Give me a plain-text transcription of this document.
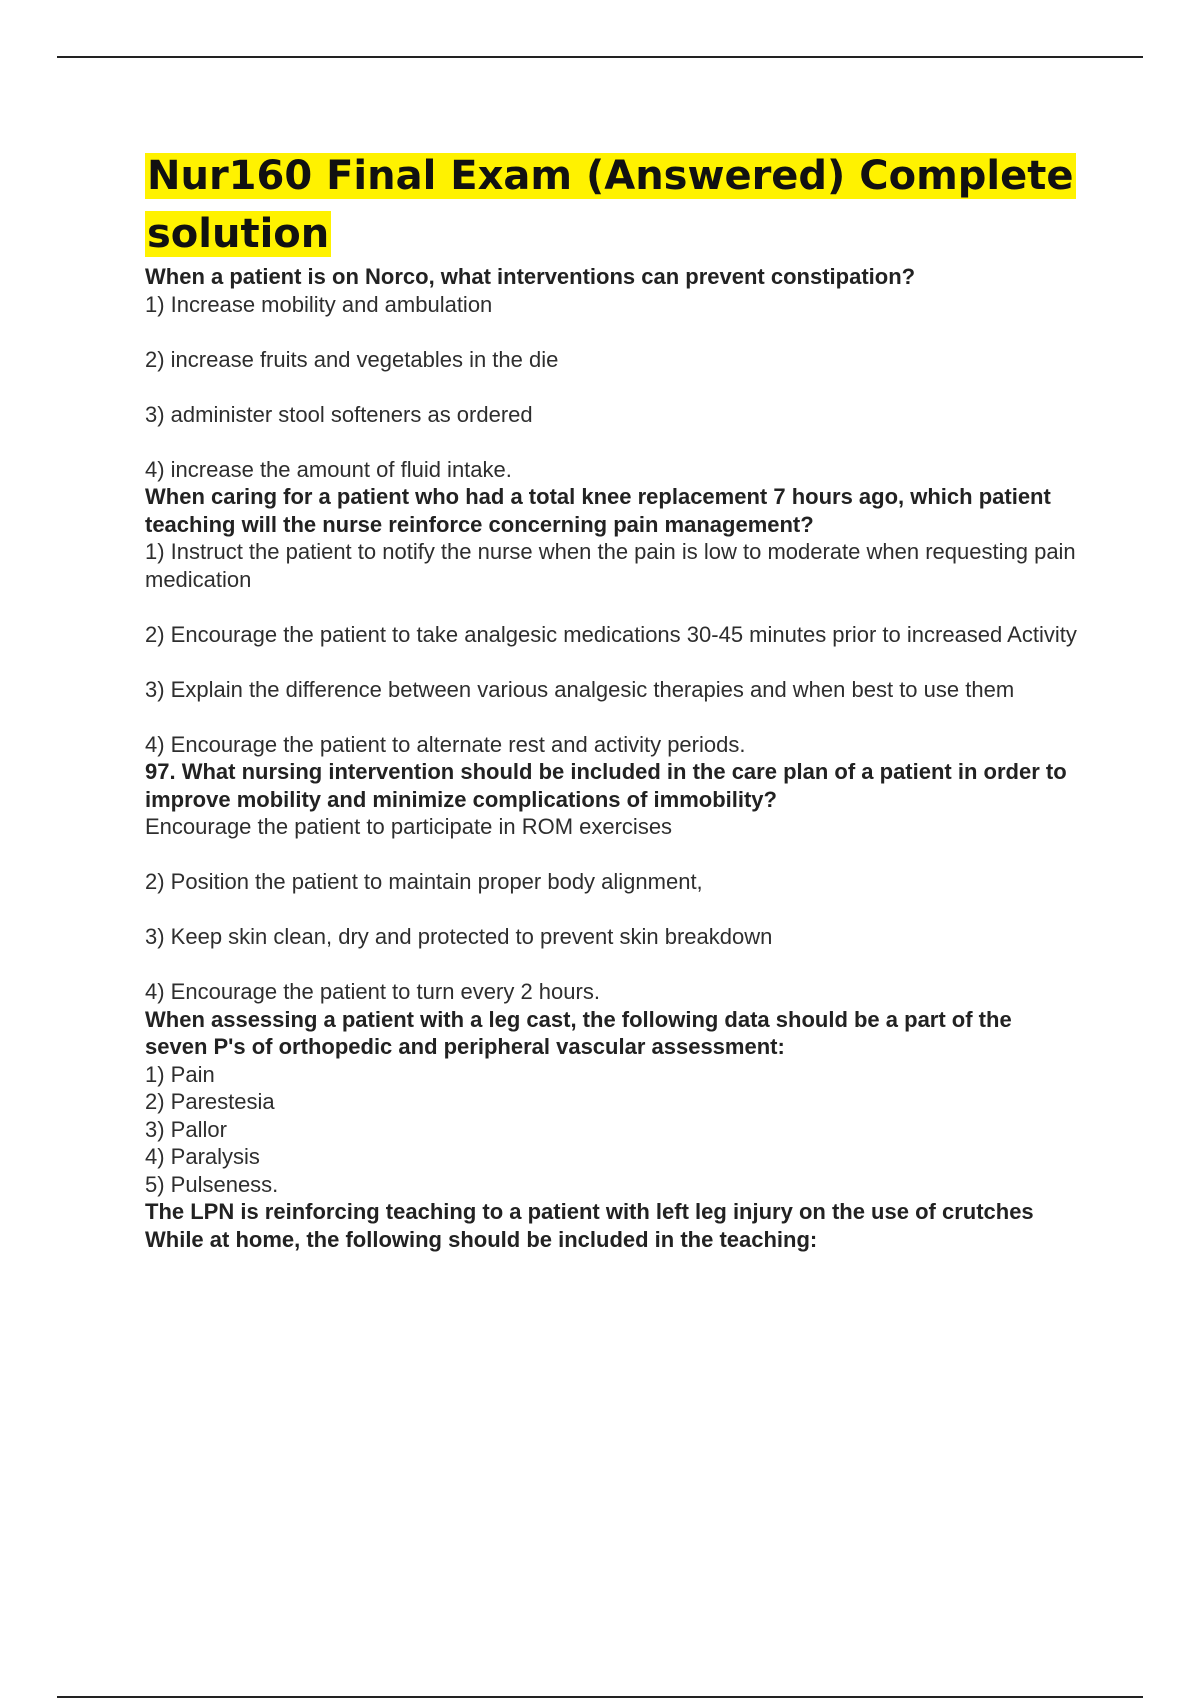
Nur160 Final Exam (Answered) Complete solution

When a patient is on Norco, what interventions can prevent constipation?

1) Increase mobility and ambulation
2) increase fruits and vegetables in the die
3) administer stool softeners as ordered
4) increase the amount of fluid intake.

When caring for a patient who had a total knee replacement 7 hours ago, which patient
teaching will the nurse reinforce concerning pain management?

1) Instruct the patient to notify the nurse when the pain is low to moderate when requesting pain medication
2) Encourage the patient to take analgesic medications 30-45 minutes prior to increased Activity
3) Explain the difference between various analgesic therapies and when best to use them
4) Encourage the patient to alternate rest and activity periods.

97. What nursing intervention should be included in the care plan of a patient in order to
improve mobility and minimize complications of immobility?

Encourage the patient to participate in ROM exercises
2) Position the patient to maintain proper body alignment,
3) Keep skin clean, dry and protected to prevent skin breakdown
4) Encourage the patient to turn every 2 hours.

When assessing a patient with a leg cast, the following data should be a part of the
seven P's of orthopedic and peripheral vascular assessment:

1) Pain
2) Parestesia
3) Pallor
4) Paralysis
5) Pulseness.

The LPN is reinforcing teaching to a patient with left leg injury on the use of crutches
While at home, the following should be included in the teaching:
